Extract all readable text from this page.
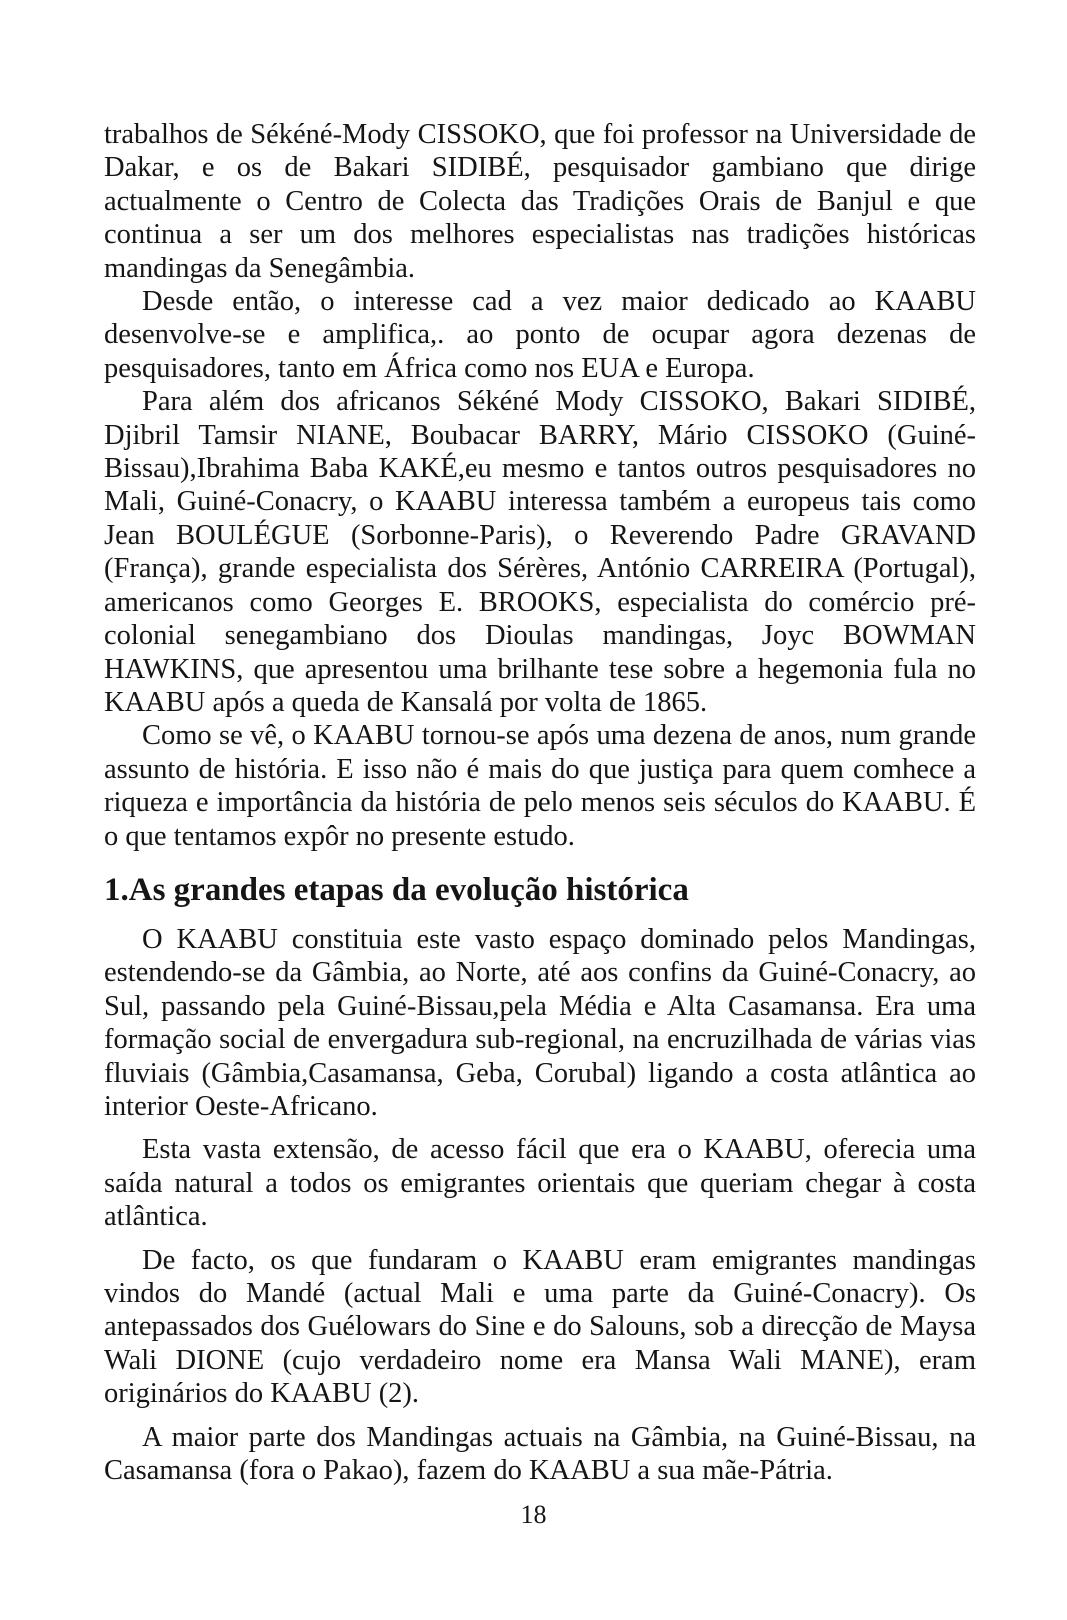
trabalhos de Sékéné-Mody CISSOKO, que foi professor na Universidade de Dakar, e os de Bakari SIDIBÉ, pesquisador gambiano que dirige actualmente o Centro de Colecta das Tradições Orais de Banjul e que continua a ser um dos melhores especialistas nas tradições históricas mandingas da Senegâmbia.

Desde então, o interesse cad a vez maior dedicado ao KAABU desenvolve-se e amplifica,. ao ponto de ocupar agora dezenas de pesquisadores, tanto em África como nos EUA e Europa.

Para além dos africanos Sékéné Mody CISSOKO, Bakari SIDIBÉ, Djibril Tamsir NIANE, Boubacar BARRY, Mário CISSOKO (Guiné-Bissau),Ibrahima Baba KAKÉ,eu mesmo e tantos outros pesquisadores no Mali, Guiné-Conacry, o KAABU interessa também a europeus tais como Jean BOULÉGUE (Sorbonne-Paris), o Reverendo Padre GRAVAND (França), grande especialista dos Sérères, António CARREIRA (Portugal), americanos como Georges E. BROOKS, especialista do comércio pré-colonial senegambiano dos Dioulas mandingas, Joyc BOWMAN HAWKINS, que apresentou uma brilhante tese sobre a hegemonia fula no KAABU após a queda de Kansalá por volta de 1865.

Como se vê, o KAABU tornou-se após uma dezena de anos, num grande assunto de história. E isso não é mais do que justiça para quem comhece a riqueza e importância da história de pelo menos seis séculos do KAABU. É o que tentamos expôr no presente estudo.

1.As grandes etapas da evolução histórica

O KAABU constituia este vasto espaço dominado pelos Mandingas, estendendo-se da Gâmbia, ao Norte, até aos confins da Guiné-Conacry, ao Sul, passando pela Guiné-Bissau,pela Média e Alta Casamansa. Era uma formação social de envergadura sub-regional, na encruzilhada de várias vias fluviais (Gâmbia,Casamansa, Geba, Corubal) ligando a costa atlântica ao interior Oeste-Africano.

Esta vasta extensão, de acesso fácil que era o KAABU, oferecia uma saída natural a todos os emigrantes orientais que queriam chegar à costa atlântica.

De facto, os que fundaram o KAABU eram emigrantes mandingas vindos do Mandé (actual Mali e uma parte da Guiné-Conacry). Os antepassados dos Guélowars do Sine e do Salouns, sob a direcção de Maysa Wali DIONE (cujo verdadeiro nome era Mansa Wali MANE), eram originários do KAABU (2).

A maior parte dos Mandingas actuais na Gâmbia, na Guiné-Bissau, na Casamansa (fora o Pakao), fazem do KAABU a sua mãe-Pátria.

18
